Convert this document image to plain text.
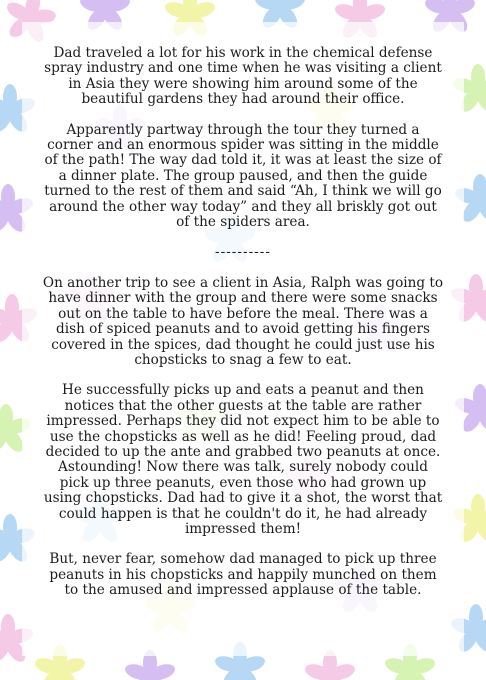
Dad traveled a lot for his work in the chemical defense spray industry and one time when he was visiting a client in Asia they were showing him around some of the beautiful gardens they had around their office.

Apparently partway through the tour they turned a corner and an enormous spider was sitting in the middle of the path! The way dad told it, it was at least the size of a dinner plate. The group paused, and then the guide turned to the rest of them and said “Ah, I think we will go around the other way today” and they all briskly got out of the spiders area.

----------

On another trip to see a client in Asia, Ralph was going to have dinner with the group and there were some snacks out on the table to have before the meal. There was a dish of spiced peanuts and to avoid getting his fingers covered in the spices, dad thought he could just use his chopsticks to snag a few to eat.

He successfully picks up and eats a peanut and then notices that the other guests at the table are rather impressed. Perhaps they did not expect him to be able to use the chopsticks as well as he did! Feeling proud, dad decided to up the ante and grabbed two peanuts at once. Astounding! Now there was talk, surely nobody could pick up three peanuts, even those who had grown up using chopsticks. Dad had to give it a shot, the worst that could happen is that he couldn't do it, he had already impressed them!

But, never fear, somehow dad managed to pick up three peanuts in his chopsticks and happily munched on them to the amused and impressed applause of the table.
